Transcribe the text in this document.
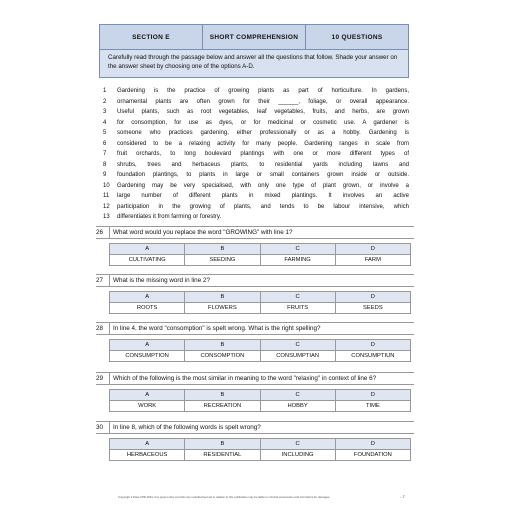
SECTION E	SHORT COMPREHENSION	10 QUESTIONS
Carefully read through the passage below and answer all the questions that follow. Shade your answer on the answer sheet by choosing one of the options A-D.
1	Gardening is the practice of growing plants as part of horticulture. In gardens,
2	ornamental plants are often grown for their ______, foliage, or overall appearance.
3	Useful plants, such as root vegetables, leaf vegetables, fruits, and herbs, are grown
4	for consomption, for use as dyes, or for medicinal or cosmetic use. A gardener is
5	someone who practices gardening, either professionally or as a hobby. Gardening is
6	considered to be a relaxing activity for many people. Gardening ranges in scale from
7	fruit orchards, to long boulevard plantings with one or more different types of
8	shrubs, trees and herbaceus plants, to residential yards including lawns and
9	foundation plantings, to plants in large or small containers grown inside or outside.
10	Gardening may be very specialised, with only one type of plant grown, or involve a
11	large number of different plants in mixed plantings. It involves an active
12	participation in the growing of plants, and tends to be labour intensive, which
13	differentiates it from farming or forestry.
26	What word would you replace the word "GROWING" with line 1?
A	B	C	D
CULTIVATING	SEEDING	FARMING	FARM
27	What is the missing word in line 2?
A	B	C	D
ROOTS	FLOWERS	FRUITS	SEEDS
28	In line 4, the word "consomption" is spelt wrong. What is the right spelling?
A	B	C	D
CONSUMPTION	CONSOMPTION	CONSUMPTIAN	CONSUMPTIUN
29	Which of the following is the most similar in meaning to the word "relaxing" in context of line 6?
A	B	C	D
WORK	RECREATION	HOBBY	TIME
30	In line 8, which of the following words is spelt wrong?
A	B	C	D
HERBACEOUS	RESIDENTIAL	INCLUDING	FOUNDATION
Copyright 2 Pass KPR 2024. Any person who commits any unauthorised act in relation to this publication may be liable to criminal prosecution and civil claims for damages.	- 7
